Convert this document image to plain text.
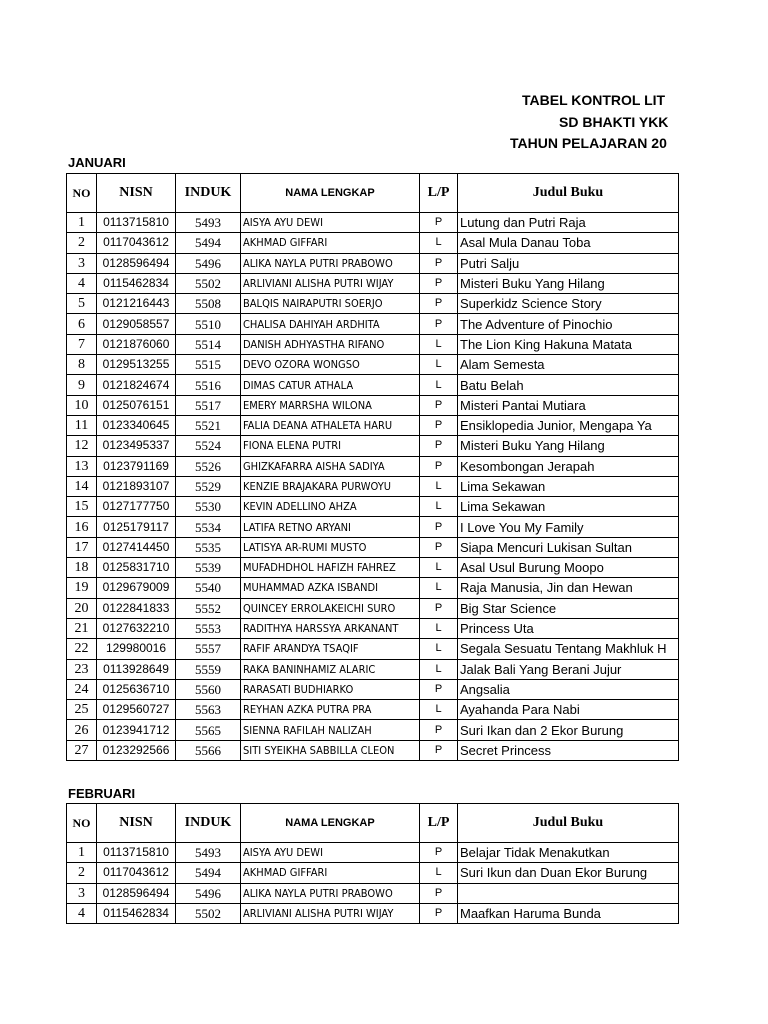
TABEL KONTROL LIT
SD BHAKTI YKK
TAHUN PELAJARAN 20
JANUARI
NO	NISN	INDUK	NAMA LENGKAP	L/P	Judul Buku
1	0113715810	5493	AISYA AYU DEWI	P	Lutung dan Putri Raja
2	0117043612	5494	AKHMAD GIFFARI	L	Asal Mula Danau Toba
3	0128596494	5496	ALIKA NAYLA PUTRI PRABOWO	P	Putri Salju
4	0115462834	5502	ARLIVIANI ALISHA PUTRI WIJAY	P	Misteri Buku Yang Hilang
5	0121216443	5508	BALQIS NAIRAPUTRI SOERJO	P	Superkidz Science Story
6	0129058557	5510	CHALISA DAHIYAH ARDHITA	P	The Adventure of Pinochio
7	0121876060	5514	DANISH ADHYASTHA RIFANO	L	The Lion King Hakuna Matata
8	0129513255	5515	DEVO OZORA WONGSO	L	Alam Semesta
9	0121824674	5516	DIMAS CATUR ATHALA	L	Batu Belah
10	0125076151	5517	EMERY MARRSHA WILONA	P	Misteri Pantai Mutiara
11	0123340645	5521	FALIA DEANA ATHALETA HARU	P	Ensiklopedia Junior, Mengapa Ya
12	0123495337	5524	FIONA ELENA PUTRI	P	Misteri Buku Yang Hilang
13	0123791169	5526	GHIZKAFARRA AISHA SADIYA	P	Kesombongan Jerapah
14	0121893107	5529	KENZIE BRAJAKARA PURWOYU	L	Lima Sekawan
15	0127177750	5530	KEVIN ADELLINO AHZA	L	Lima Sekawan
16	0125179117	5534	LATIFA RETNO ARYANI	P	I Love You My Family
17	0127414450	5535	LATISYA AR-RUMI MUSTO	P	Siapa Mencuri Lukisan Sultan
18	0125831710	5539	MUFADHDHOL HAFIZH FAHREZ	L	Asal Usul Burung Moopo
19	0129679009	5540	MUHAMMAD AZKA ISBANDI	L	Raja Manusia, Jin dan Hewan
20	0122841833	5552	QUINCEY ERROLAKEICHI SURO	P	Big Star Science
21	0127632210	5553	RADITHYA HARSSYA ARKANANT	L	Princess Uta
22	129980016	5557	RAFIF ARANDYA TSAQIF	L	Segala Sesuatu Tentang Makhluk H
23	0113928649	5559	RAKA BANINHAMIZ ALARIC	L	Jalak Bali Yang Berani Jujur
24	0125636710	5560	RARASATI BUDHIARKO	P	Angsalia
25	0129560727	5563	REYHAN AZKA PUTRA PRA	L	Ayahanda Para Nabi
26	0123941712	5565	SIENNA RAFILAH NALIZAH	P	Suri Ikan dan 2 Ekor Burung
27	0123292566	5566	SITI SYEIKHA SABBILLA CLEON	P	Secret Princess
FEBRUARI
NO	NISN	INDUK	NAMA LENGKAP	L/P	Judul Buku
1	0113715810	5493	AISYA AYU DEWI	P	Belajar Tidak Menakutkan
2	0117043612	5494	AKHMAD GIFFARI	L	Suri Ikun dan Duan Ekor Burung
3	0128596494	5496	ALIKA NAYLA PUTRI PRABOWO	P	
4	0115462834	5502	ARLIVIANI ALISHA PUTRI WIJAY	P	Maafkan Haruma Bunda
